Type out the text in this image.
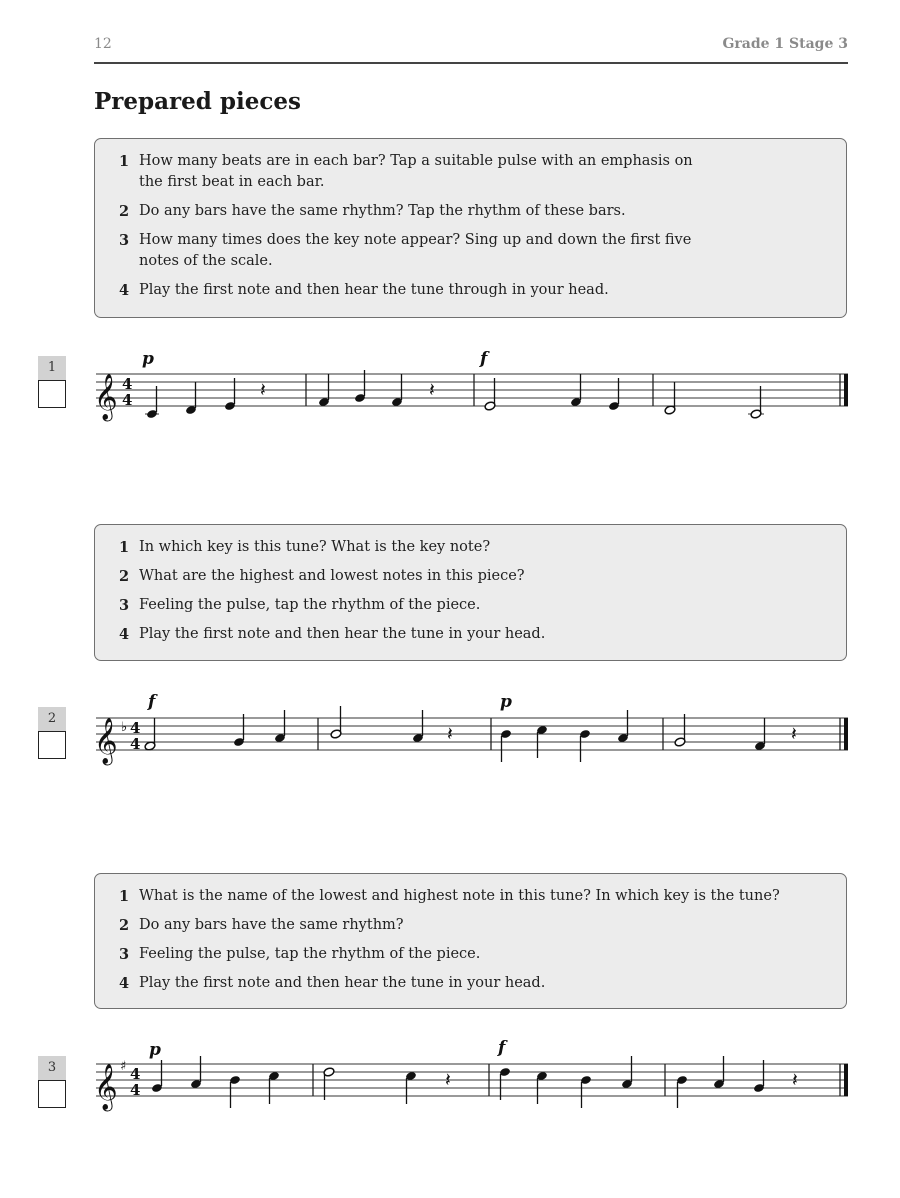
12	Grade 1 Stage 3
Prepared pieces
1 How many beats are in each bar? Tap a suitable pulse with an emphasis on the first beat in each bar.
2 Do any bars have the same rhythm? Tap the rhythm of these bars.
3 How many times does the key note appear? Sing up and down the first five notes of the scale.
4 Play the first note and then hear the tune through in your head.
1
𝄞 4
4
p	f
𝄽	𝄽
1 In which key is this tune? What is the key note?
2 What are the highest and lowest notes in this piece?
3 Feeling the pulse, tap the rhythm of the piece.
4 Play the first note and then hear the tune in your head.
2 𝄞 ♭ 4
4
f	p
𝄽	𝄽
1 What is the name of the lowest and highest note in this tune? In which key is the tune?
2 Do any bars have the same rhythm?
3 Feeling the pulse, tap the rhythm of the piece.
4 Play the first note and then hear the tune in your head.
3 𝄞 ♯ 4
4
p	f
𝄽	𝄽
